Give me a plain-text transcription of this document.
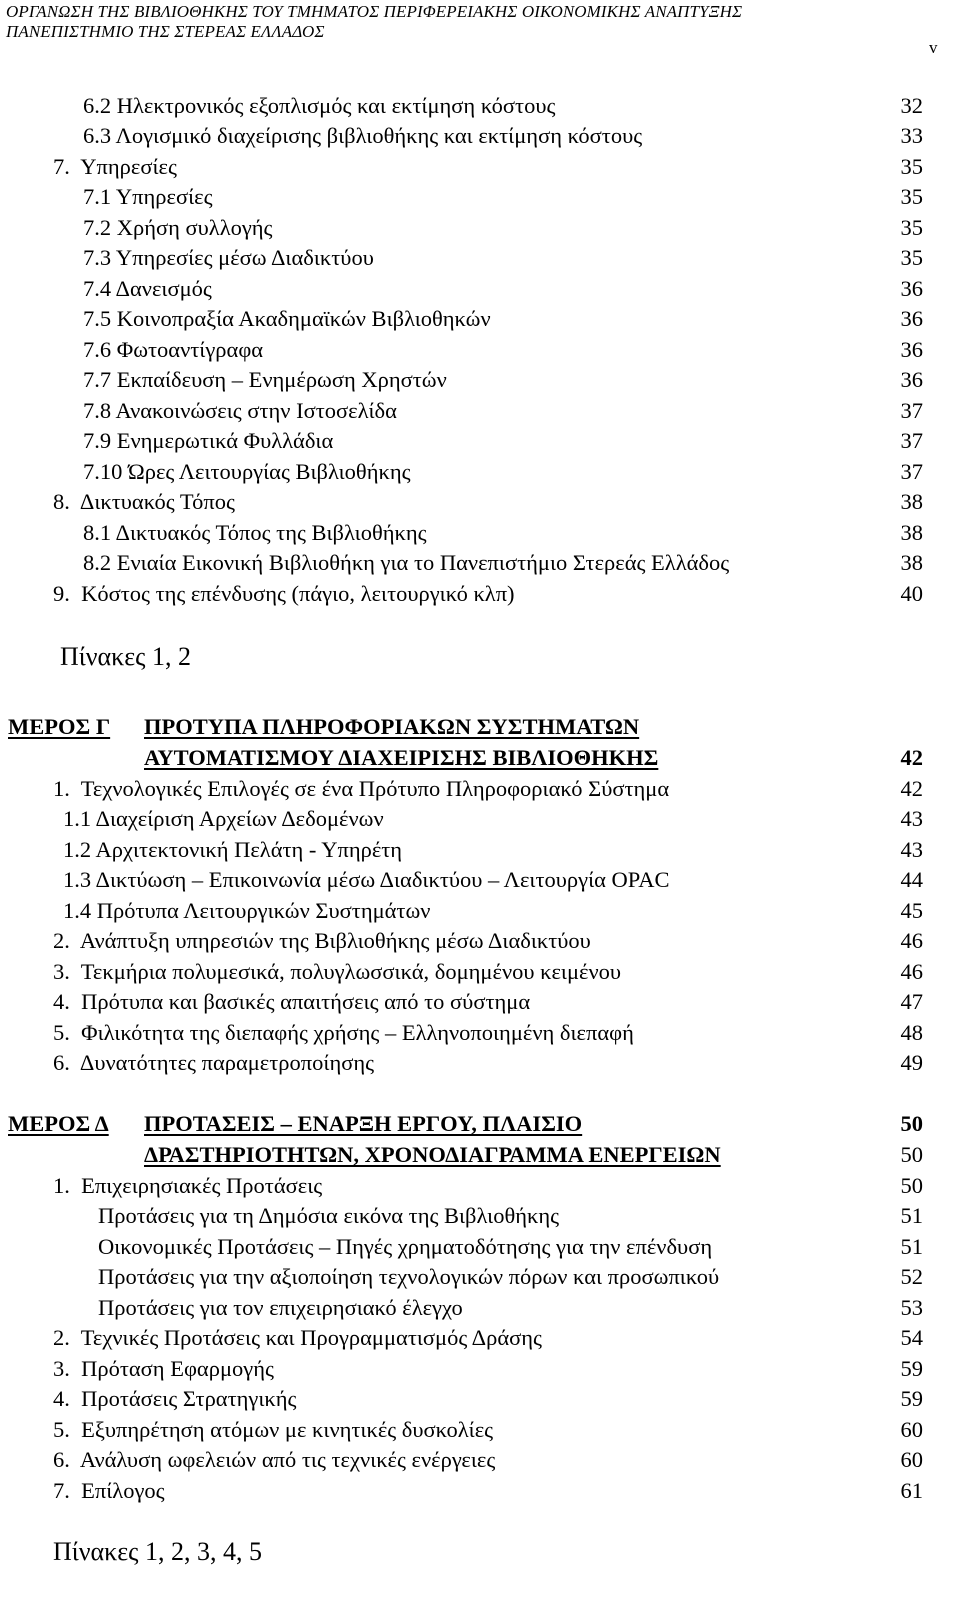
ΟΡΓΑΝΩΣΗ ΤΗΣ ΒΙΒΛΙΟΘΗΚΗΣ ΤΟΥ ΤΜΗΜΑΤΟΣ ΠΕΡΙΦΕΡΕΙΑΚΗΣ ΟΙΚΟΝΟΜΙΚΗΣ ΑΝΑΠΤΥΞΗΣ
ΠΑΝΕΠΙΣΤΗΜΙΟ ΤΗΣ ΣΤΕΡΕΑΣ ΕΛΛΑΔΟΣ
v
6.2 Ηλεκτρονικός εξοπλισμός και εκτίμηση κόστους	32
6.3 Λογισμικό διαχείρισης βιβλιοθήκης και εκτίμηση κόστους	33
7.  Υπηρεσίες	35
7.1 Υπηρεσίες	35
7.2 Χρήση συλλογής	35
7.3 Υπηρεσίες μέσω Διαδικτύου	35
7.4 Δανεισμός	36
7.5 Κοινοπραξία Ακαδημαϊκών Βιβλιοθηκών	36
7.6 Φωτοαντίγραφα	36
7.7 Εκπαίδευση – Ενημέρωση Χρηστών	36
7.8 Ανακοινώσεις στην Ιστοσελίδα	37
7.9 Ενημερωτικά Φυλλάδια	37
7.10 Ώρες Λειτουργίας Βιβλιοθήκης	37
8.  Δικτυακός Τόπος	38
8.1 Δικτυακός Τόπος της Βιβλιοθήκης	38
8.2 Ενιαία Εικονική Βιβλιοθήκη για το Πανεπιστήμιο Στερεάς Ελλάδος	38
9.  Κόστος της επένδυσης (πάγιο, λειτουργικό κλπ)	40
Πίνακες 1, 2
ΜΕΡΟΣ Γ ΠΡΟΤΥΠΑ ΠΛΗΡΟΦΟΡΙΑΚΩΝ ΣΥΣΤΗΜΑΤΩΝ
ΑΥΤΟΜΑΤΙΣΜΟΥ ΔΙΑΧΕΙΡΙΣΗΣ ΒΙΒΛΙΟΘΗΚΗΣ	42
1.  Τεχνολογικές Επιλογές σε ένα Πρότυπο Πληροφοριακό Σύστημα	42
1.1 Διαχείριση Αρχείων Δεδομένων	43
1.2 Αρχιτεκτονική Πελάτη - Υπηρέτη	43
1.3 Δικτύωση – Επικοινωνία μέσω Διαδικτύου – Λειτουργία OPAC	44
1.4 Πρότυπα Λειτουργικών Συστημάτων	45
2.  Ανάπτυξη υπηρεσιών της Βιβλιοθήκης μέσω Διαδικτύου	46
3.  Τεκμήρια πολυμεσικά, πολυγλωσσικά, δομημένου κειμένου	46
4.  Πρότυπα και βασικές απαιτήσεις από το σύστημα	47
5.  Φιλικότητα της διεπαφής χρήσης – Ελληνοποιημένη διεπαφή	48
6.  Δυνατότητες παραμετροποίησης	49
ΜΕΡΟΣ Δ ΠΡΟΤΑΣΕΙΣ – ΕΝΑΡΞΗ ΕΡΓΟΥ, ΠΛΑΙΣΙΟ	50
ΔΡΑΣΤΗΡΙΟΤΗΤΩΝ, ΧΡΟΝΟΔΙΑΓΡΑΜΜΑ ΕΝΕΡΓΕΙΩΝ	50
1.  Επιχειρησιακές Προτάσεις	50
Προτάσεις για τη Δημόσια εικόνα της Βιβλιοθήκης	51
Οικονομικές Προτάσεις – Πηγές χρηματοδότησης για την επένδυση	51
Προτάσεις για την αξιοποίηση τεχνολογικών πόρων και προσωπικού	52
Προτάσεις για τον επιχειρησιακό έλεγχο	53
2.  Τεχνικές Προτάσεις και Προγραμματισμός Δράσης	54
3.  Πρόταση Εφαρμογής	59
4.  Προτάσεις Στρατηγικής	59
5.  Εξυπηρέτηση ατόμων με κινητικές δυσκολίες	60
6.  Ανάλυση ωφελειών από τις τεχνικές ενέργειες	60
7.  Επίλογος	61
Πίνακες 1, 2, 3, 4, 5
